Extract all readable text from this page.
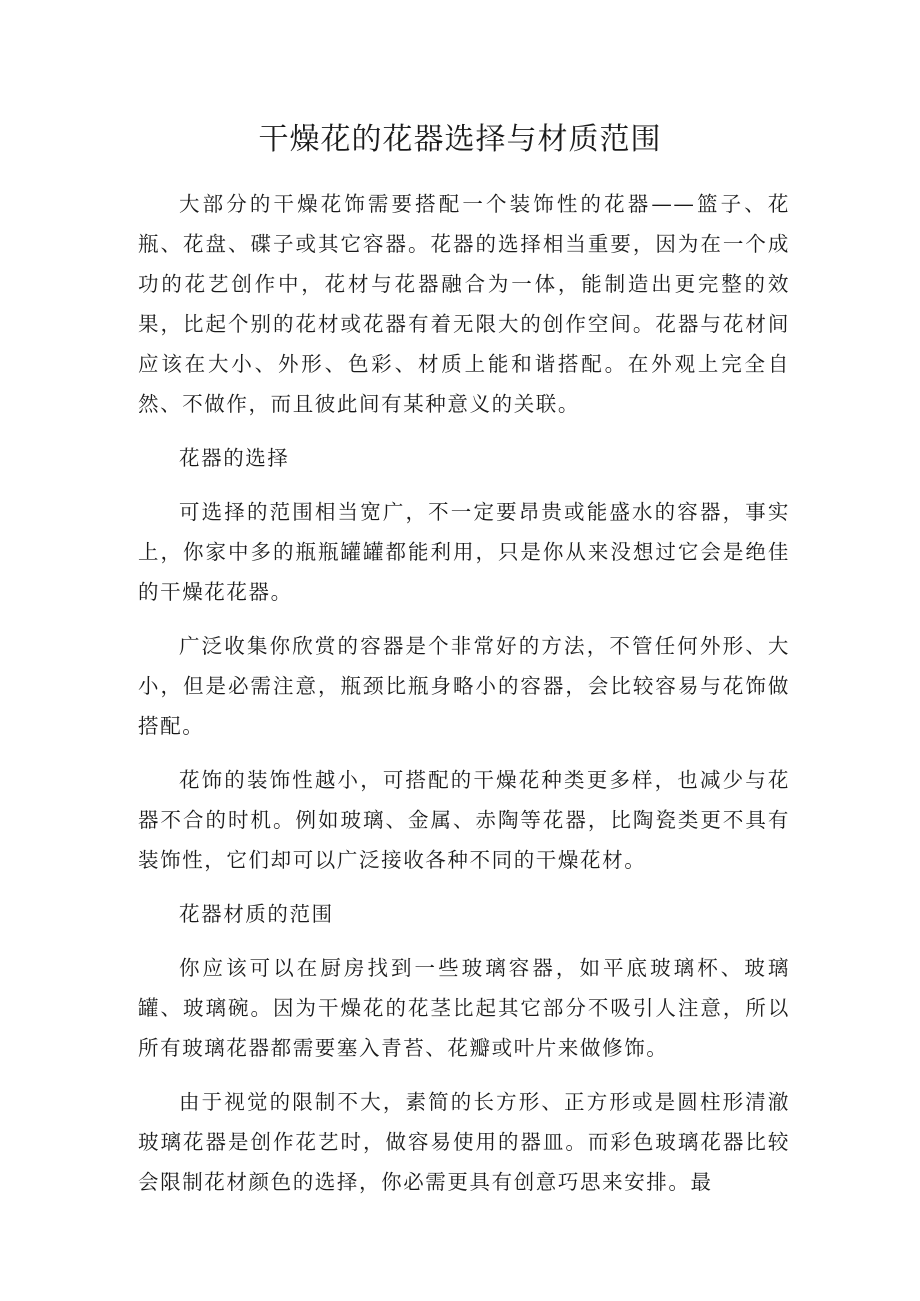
干燥花的花器选择与材质范围

大部分的干燥花饰需要搭配一个装饰性的花器——篮子、花瓶、花盘、碟子或其它容器。花器的选择相当重要，因为在一个成功的花艺创作中，花材与花器融合为一体，能制造出更完整的效果，比起个别的花材或花器有着无限大的创作空间。花器与花材间应该在大小、外形、色彩、材质上能和谐搭配。在外观上完全自然、不做作，而且彼此间有某种意义的关联。

花器的选择

可选择的范围相当宽广，不一定要昂贵或能盛水的容器，事实上，你家中多的瓶瓶罐罐都能利用，只是你从来没想过它会是绝佳的干燥花花器。

广泛收集你欣赏的容器是个非常好的方法，不管任何外形、大小，但是必需注意，瓶颈比瓶身略小的容器，会比较容易与花饰做搭配。

花饰的装饰性越小，可搭配的干燥花种类更多样，也减少与花器不合的时机。例如玻璃、金属、赤陶等花器，比陶瓷类更不具有装饰性，它们却可以广泛接收各种不同的干燥花材。

花器材质的范围

你应该可以在厨房找到一些玻璃容器，如平底玻璃杯、玻璃罐、玻璃碗。因为干燥花的花茎比起其它部分不吸引人注意，所以所有玻璃花器都需要塞入青苔、花瓣或叶片来做修饰。

由于视觉的限制不大，素简的长方形、正方形或是圆柱形清澈玻璃花器是创作花艺时，做容易使用的器皿。而彩色玻璃花器比较会限制花材颜色的选择，你必需更具有创意巧思来安排。最
